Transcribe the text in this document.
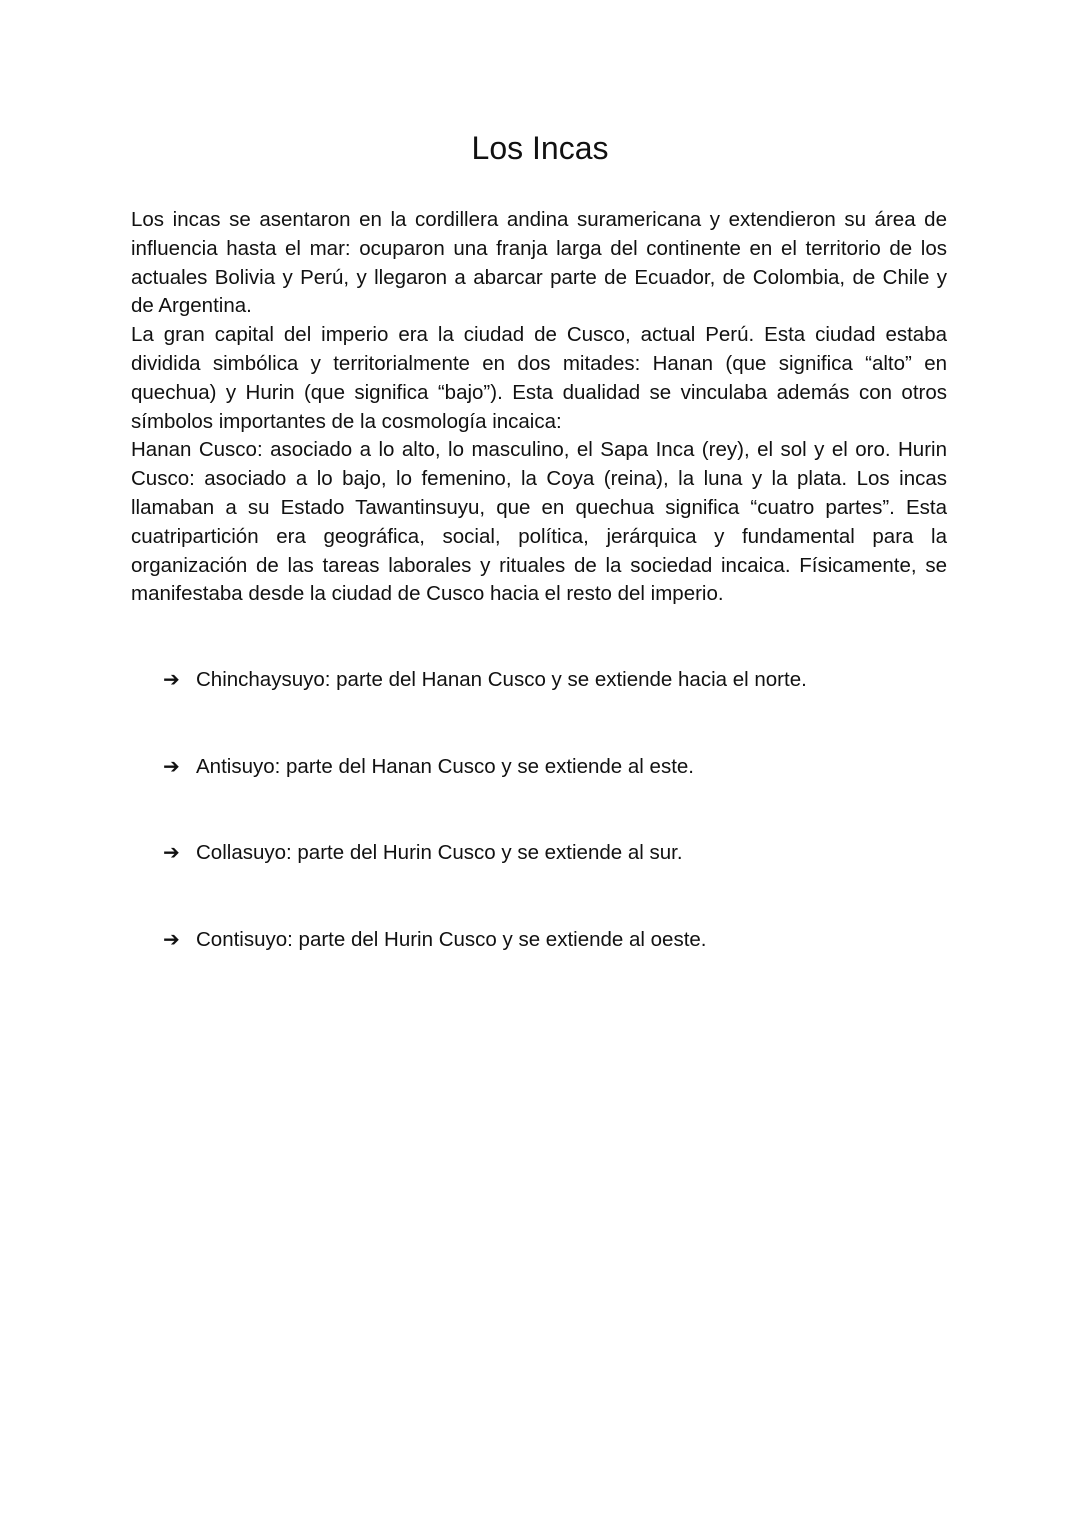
Los Incas

Los incas se asentaron en la cordillera andina suramericana y extendieron su área de influencia hasta el mar: ocuparon una franja larga del continente en el territorio de los actuales Bolivia y Perú, y llegaron a abarcar parte de Ecuador, de Colombia, de Chile y de Argentina.

La gran capital del imperio era la ciudad de Cusco, actual Perú. Esta ciudad estaba dividida simbólica y territorialmente en dos mitades: Hanan (que significa “alto” en quechua) y Hurin (que significa “bajo”). Esta dualidad se vinculaba además con otros símbolos importantes de la cosmología incaica:

Hanan Cusco: asociado a lo alto, lo masculino, el Sapa Inca (rey), el sol y el oro. Hurin Cusco: asociado a lo bajo, lo femenino, la Coya (reina), la luna y la plata. Los incas llamaban a su Estado Tawantinsuyu, que en quechua significa “cuatro partes”. Esta cuatripartición era geográfica, social, política, jerárquica y fundamental para la organización de las tareas laborales y rituales de la sociedad incaica. Físicamente, se manifestaba desde la ciudad de Cusco hacia el resto del imperio.

➔ Chinchaysuyo: parte del Hanan Cusco y se extiende hacia el norte.
➔ Antisuyo: parte del Hanan Cusco y se extiende al este.
➔ Collasuyo: parte del Hurin Cusco y se extiende al sur.
➔ Contisuyo: parte del Hurin Cusco y se extiende al oeste.
